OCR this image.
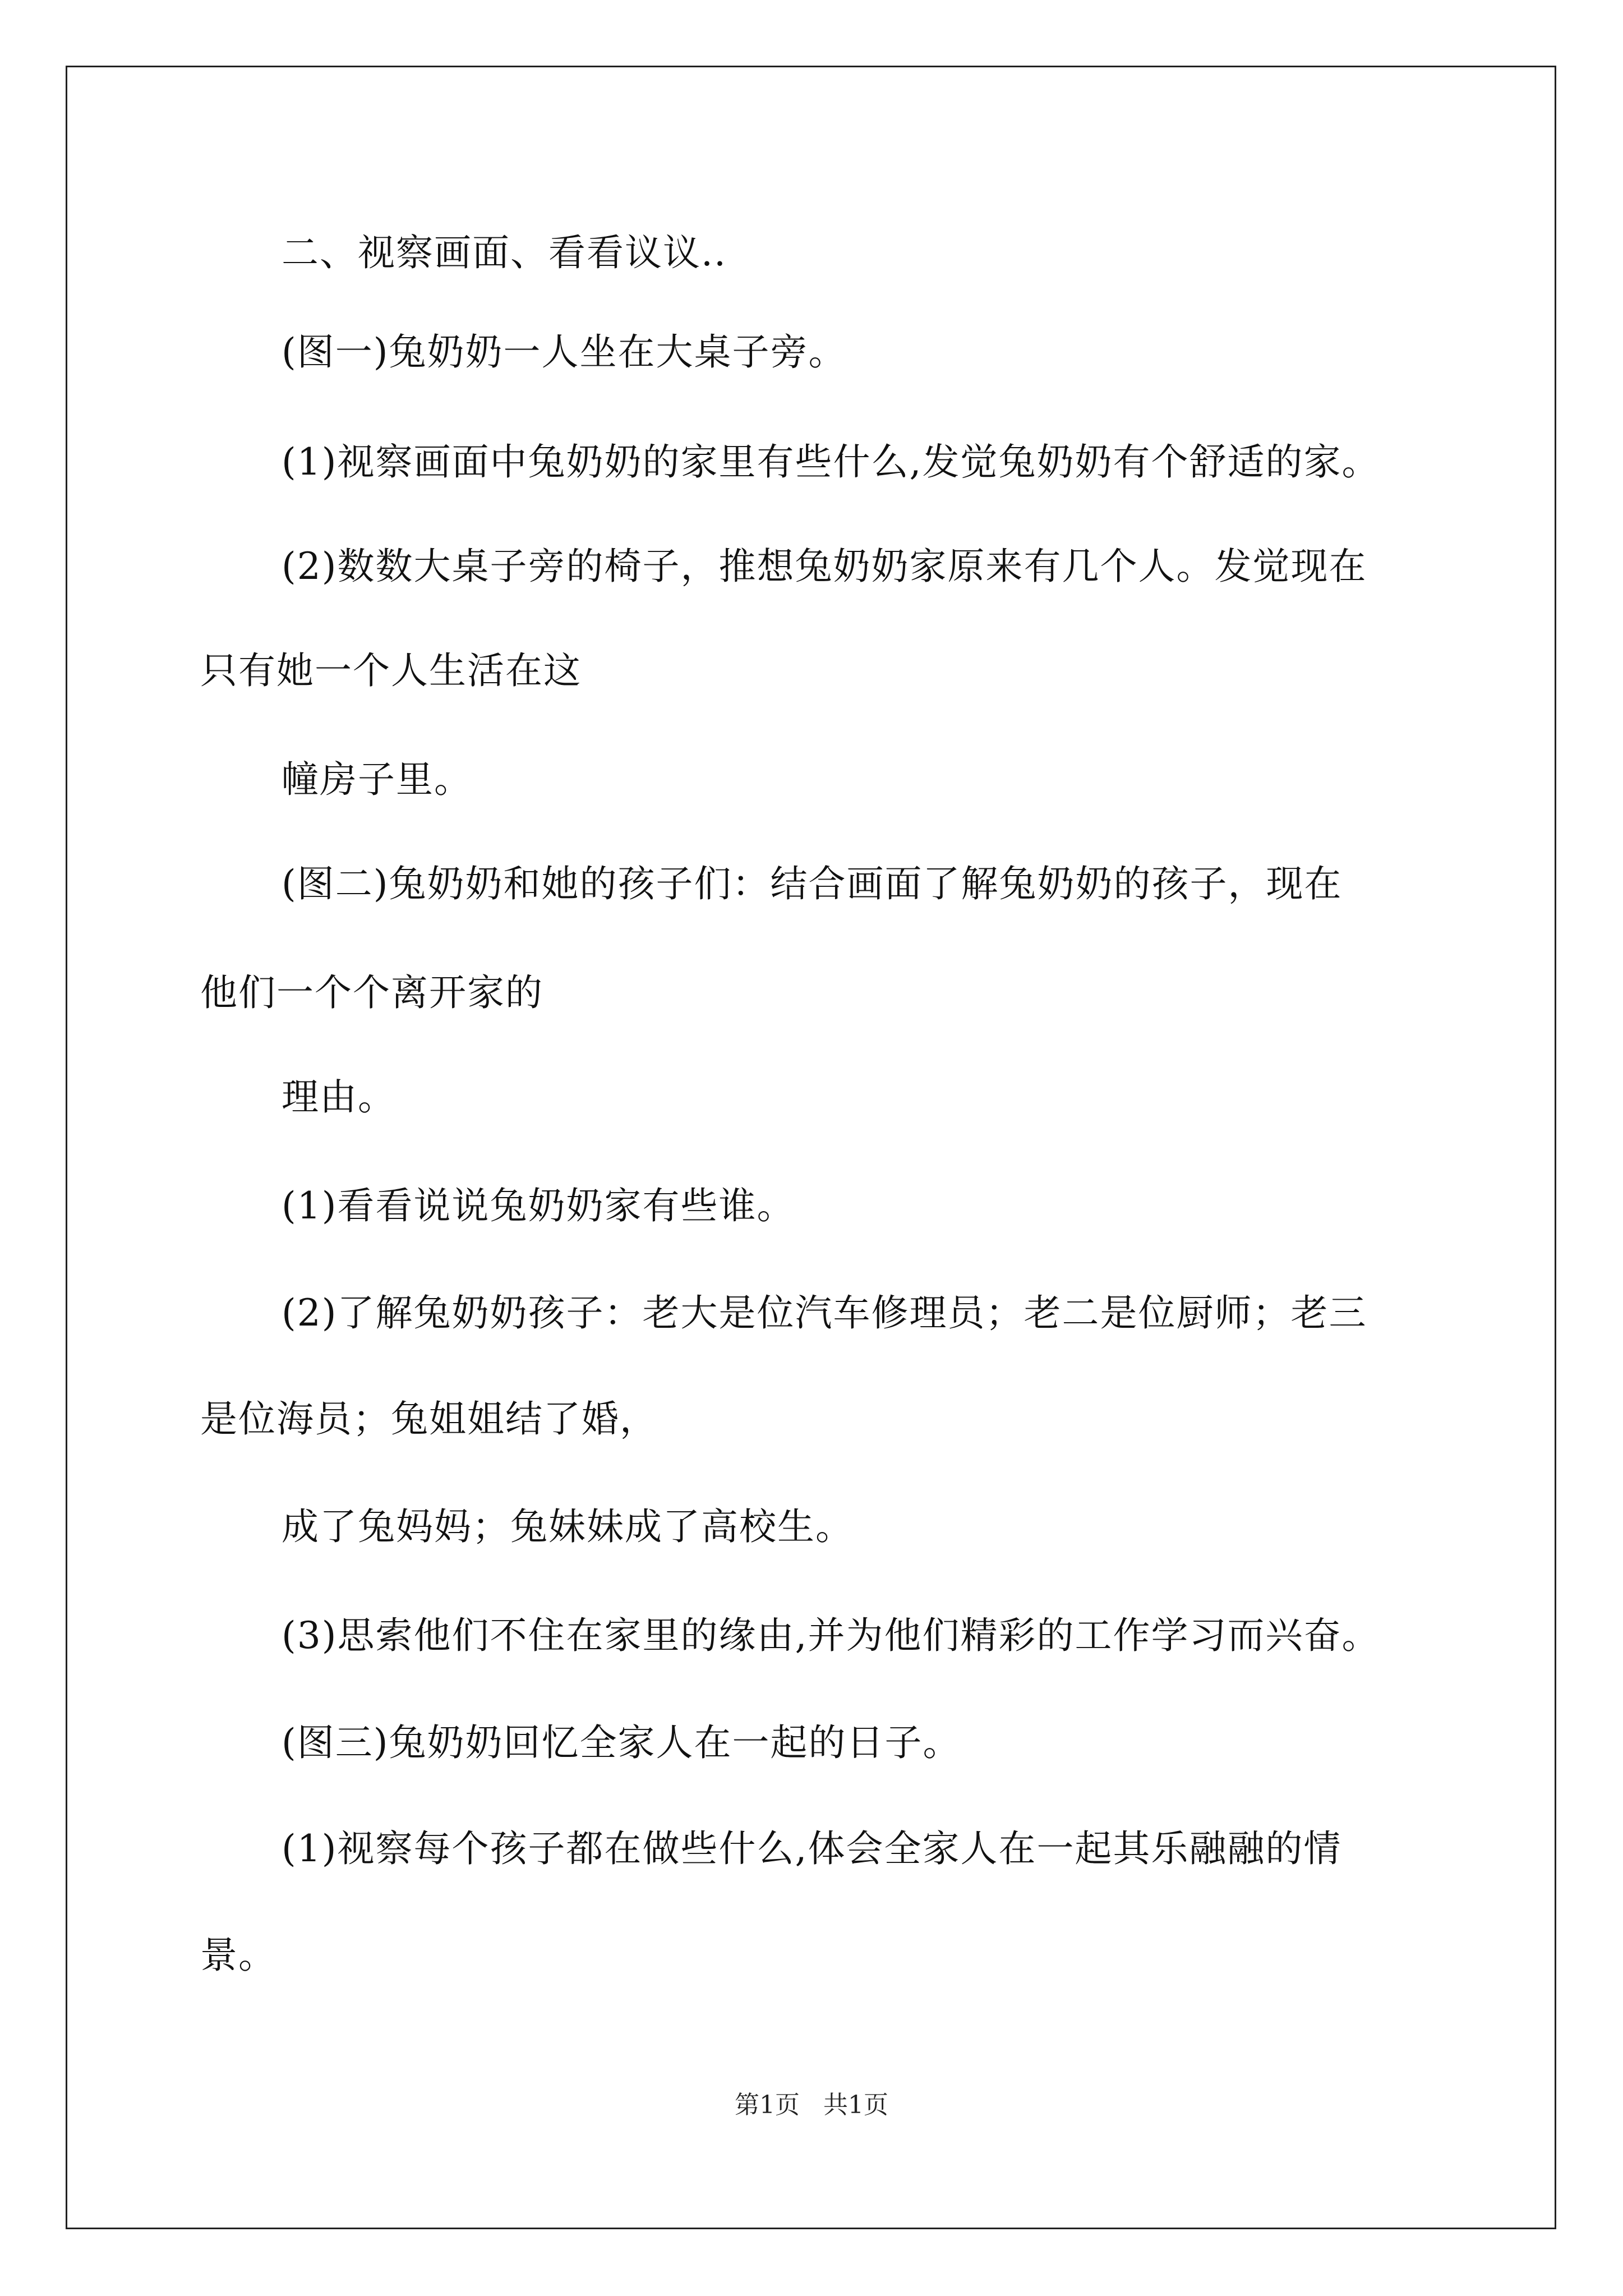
二、视察画面、看看议议..
(图一)兔奶奶一人坐在大桌子旁。
(1)视察画面中兔奶奶的家里有些什么,发觉兔奶奶有个舒适的家。
(2)数数大桌子旁的椅子，推想兔奶奶家原来有几个人。发觉现在
只有她一个人生活在这
幢房子里。
(图二)兔奶奶和她的孩子们：结合画面了解兔奶奶的孩子，现在
他们一个个离开家的
理由。
(1)看看说说兔奶奶家有些谁。
(2)了解兔奶奶孩子：老大是位汽车修理员；老二是位厨师；老三
是位海员；兔姐姐结了婚，
成了兔妈妈；兔妹妹成了高校生。
(3)思索他们不住在家里的缘由,并为他们精彩的工作学习而兴奋。
(图三)兔奶奶回忆全家人在一起的日子。
(1)视察每个孩子都在做些什么,体会全家人在一起其乐融融的情
景。
第1页   共1页
